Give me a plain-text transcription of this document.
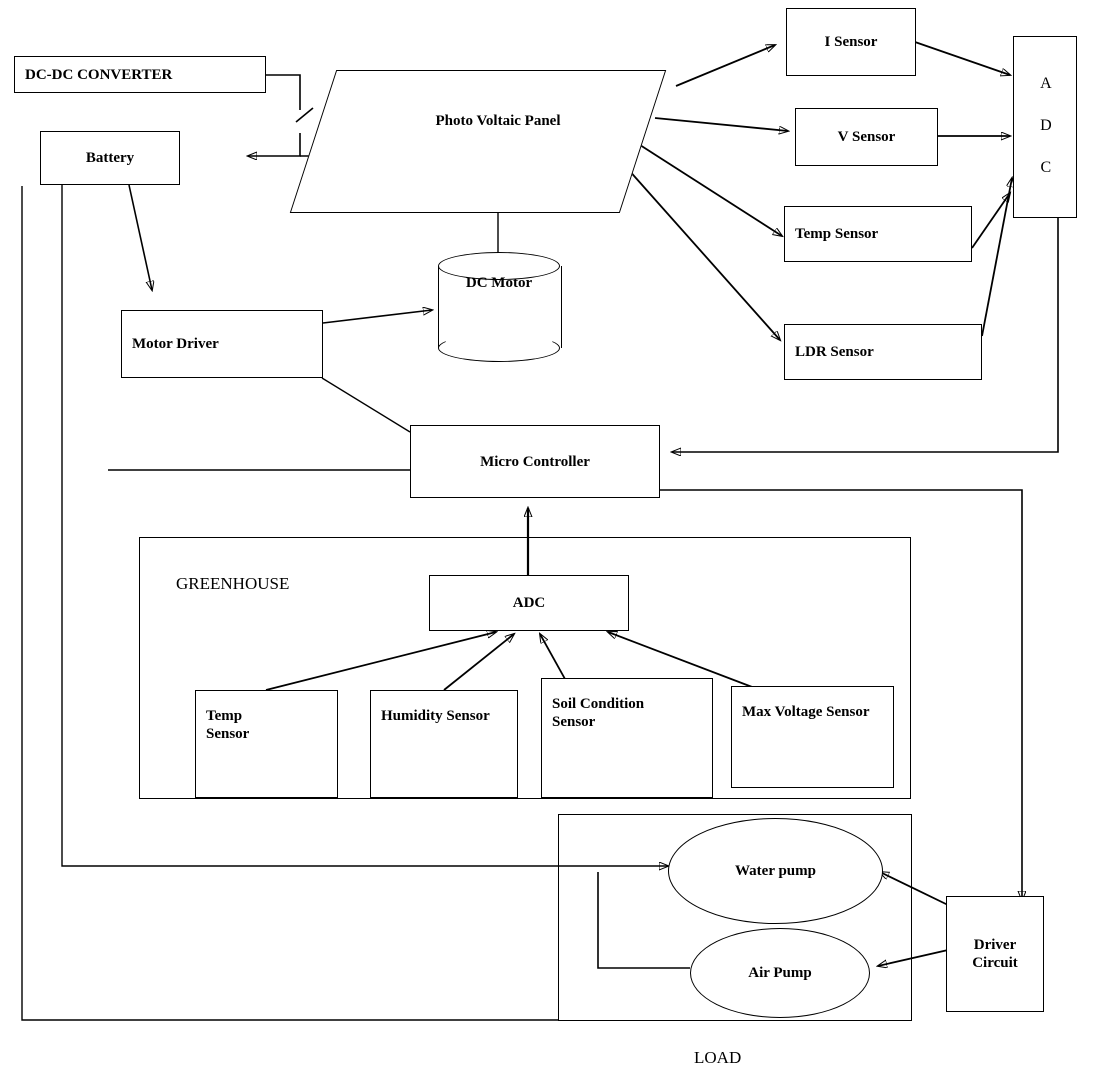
DC-DC CONVERTER
Battery
Photo Voltaic Panel
Motor Driver
DC Motor
I Sensor
V Sensor
Temp Sensor
LDR Sensor
A D C
Micro Controller
GREENHOUSE
ADC
Temp Sensor
Humidity Sensor
Soil Condition Sensor
Max Voltage Sensor
Water pump
Air Pump
Driver Circuit
LOAD
